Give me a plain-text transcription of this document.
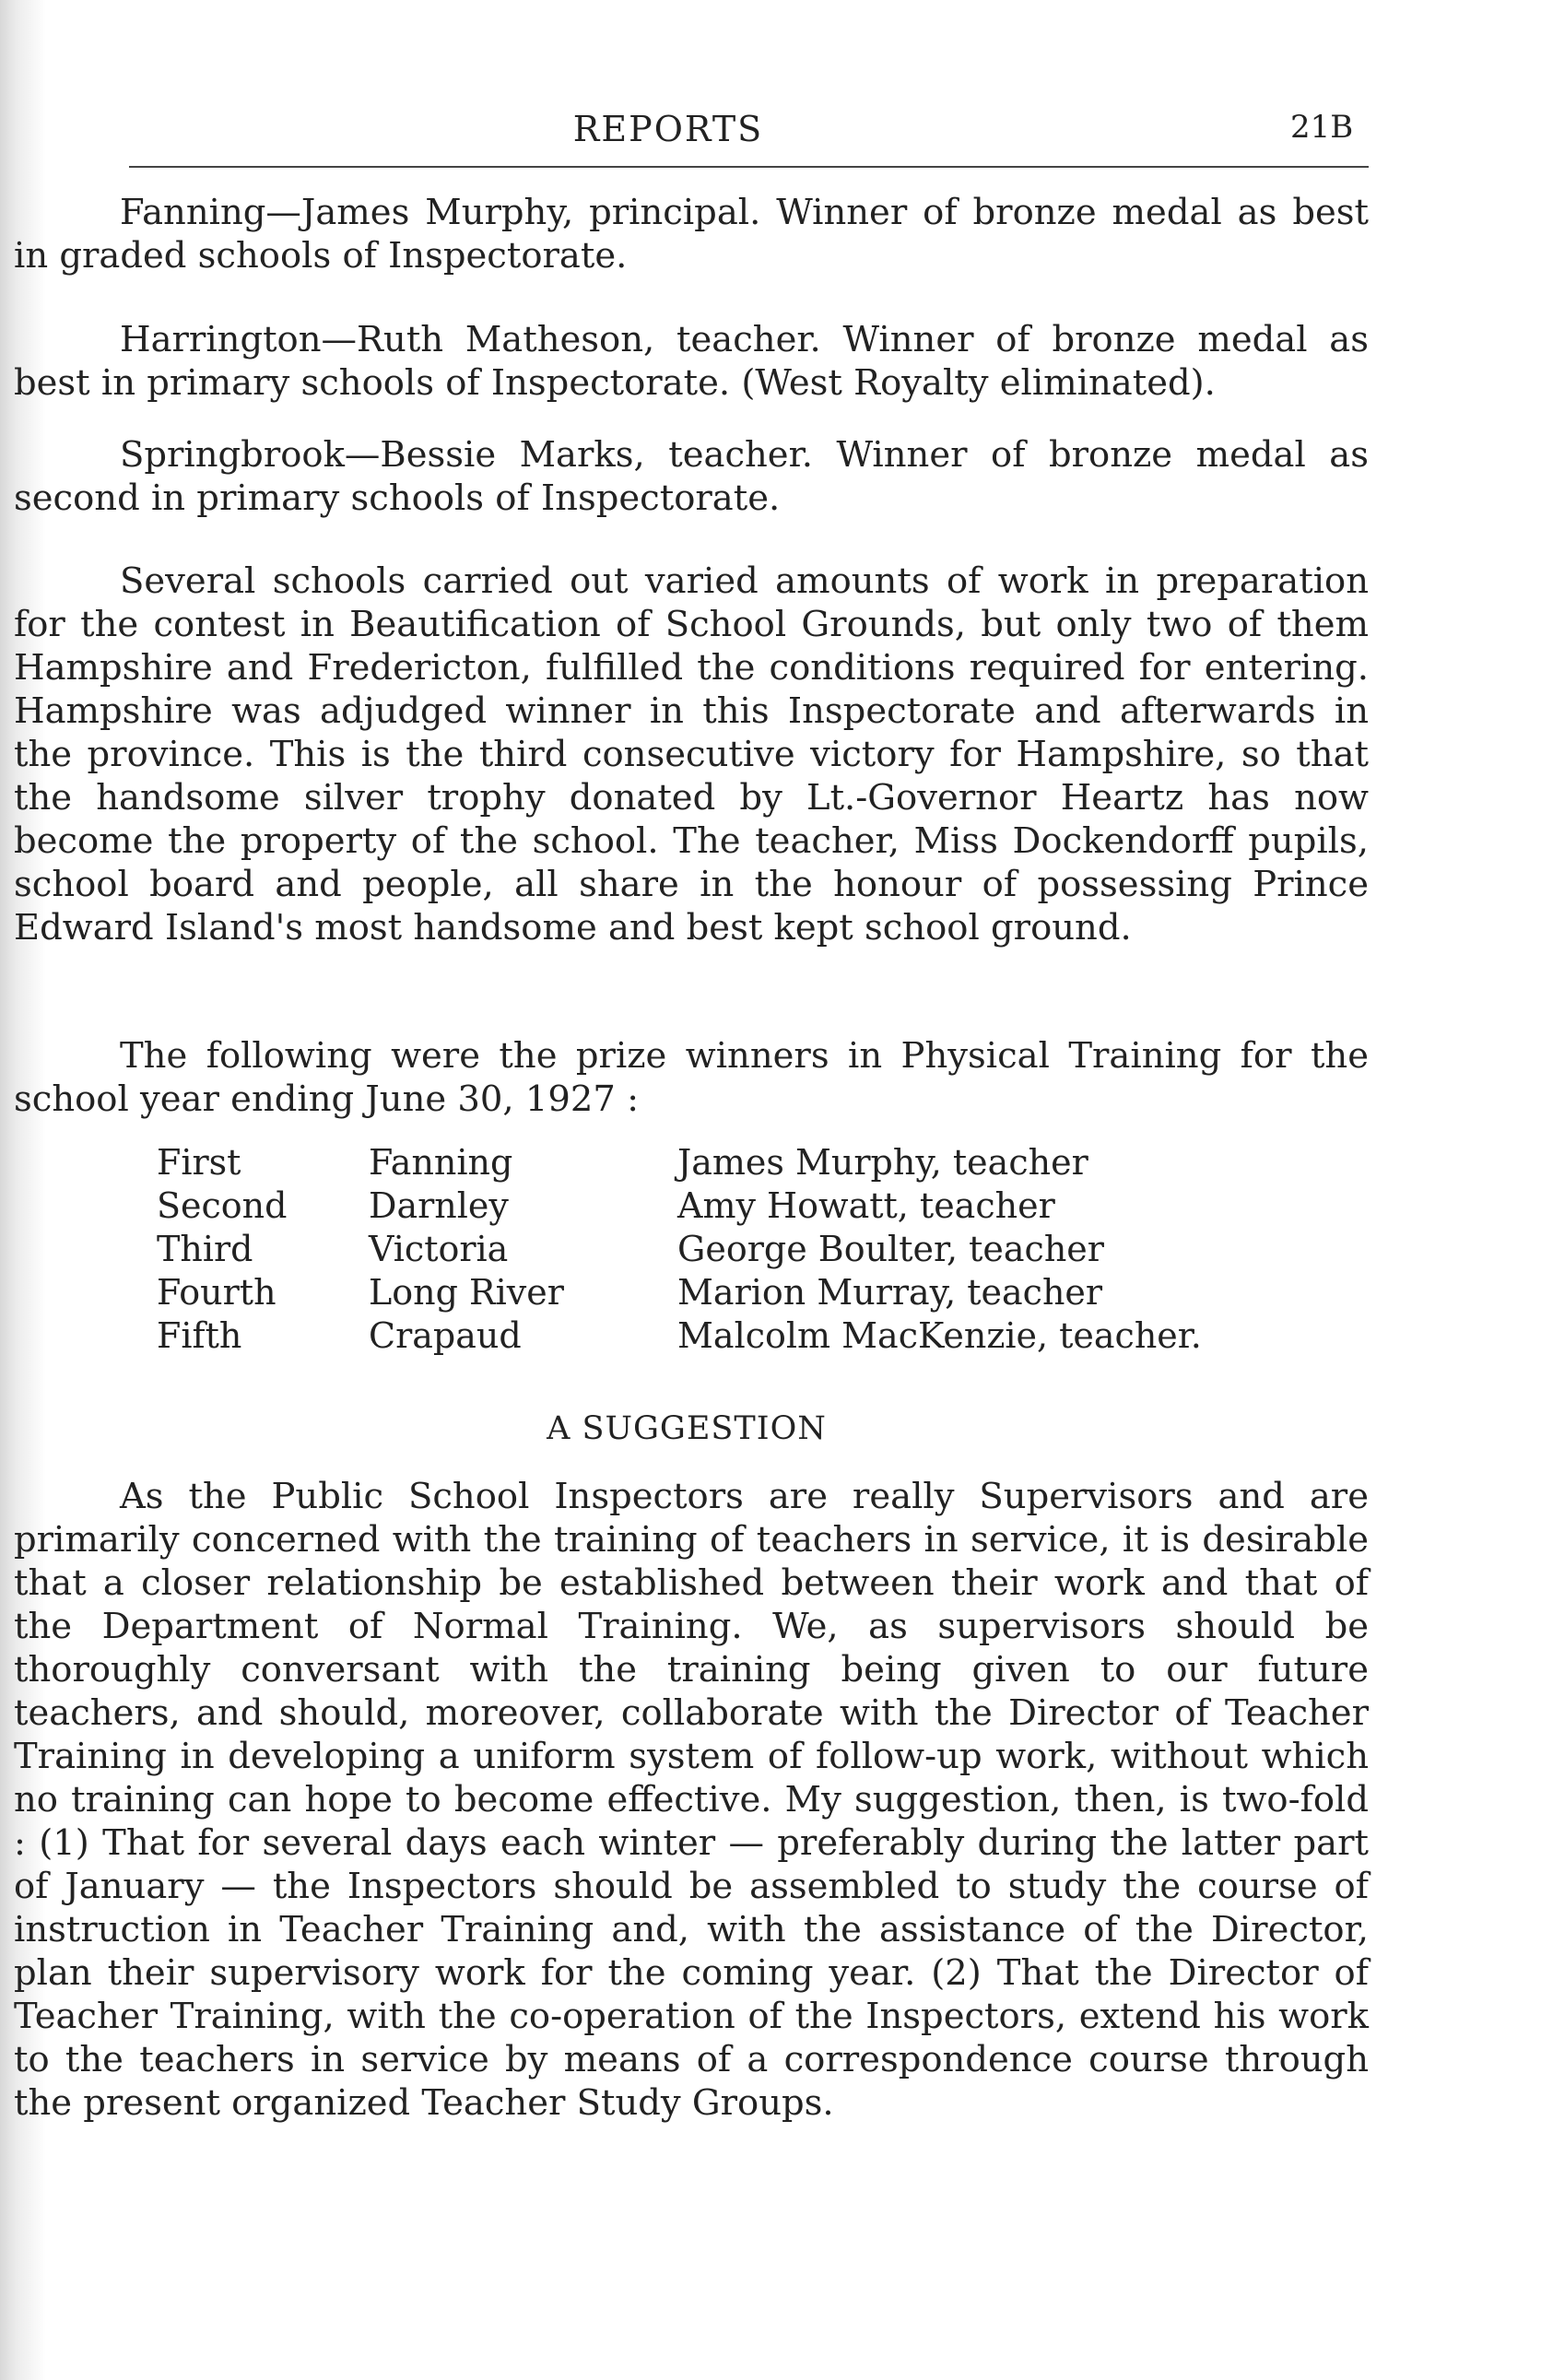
REPORTS	21B

Fanning—James Murphy, principal. Winner of bronze medal as best in graded schools of Inspectorate.

Harrington—Ruth Matheson, teacher. Winner of bronze medal as best in primary schools of Inspectorate. (West Royalty eliminated).

Springbrook—Bessie Marks, teacher. Winner of bronze medal as second in primary schools of Inspectorate.

Several schools carried out varied amounts of work in preparation for the contest in Beautification of School Grounds, but only two of them Hampshire and Fredericton, fulfilled the conditions required for entering. Hampshire was adjudged winner in this Inspectorate and afterwards in the province. This is the third consecutive victory for Hampshire, so that the handsome silver trophy donated by Lt.-Governor Heartz has now become the property of the school. The teacher, Miss Dockendorff pupils, school board and people, all share in the honour of possessing Prince Edward Island's most handsome and best kept school ground.

The following were the prize winners in Physical Training for the school year ending June 30, 1927 :

First	Fanning	James Murphy, teacher
Second	Darnley	Amy Howatt, teacher
Third	Victoria	George Boulter, teacher
Fourth	Long River	Marion Murray, teacher
Fifth	Crapaud	Malcolm MacKenzie, teacher.
A SUGGESTION

As the Public School Inspectors are really Supervisors and are primarily concerned with the training of teachers in service, it is desirable that a closer relationship be established between their work and that of the Department of Normal Training. We, as supervisors should be thoroughly conversant with the training being given to our future teachers, and should, moreover, collaborate with the Director of Teacher Training in developing a uniform system of follow-up work, without which no training can hope to become effective. My suggestion, then, is two-fold : (1) That for several days each winter — preferably during the latter part of January — the Inspectors should be assembled to study the course of instruction in Teacher Training and, with the assistance of the Director, plan their supervisory work for the coming year. (2) That the Director of Teacher Training, with the co-operation of the Inspectors, extend his work to the teachers in service by means of a correspondence course through the present organized Teacher Study Groups.
